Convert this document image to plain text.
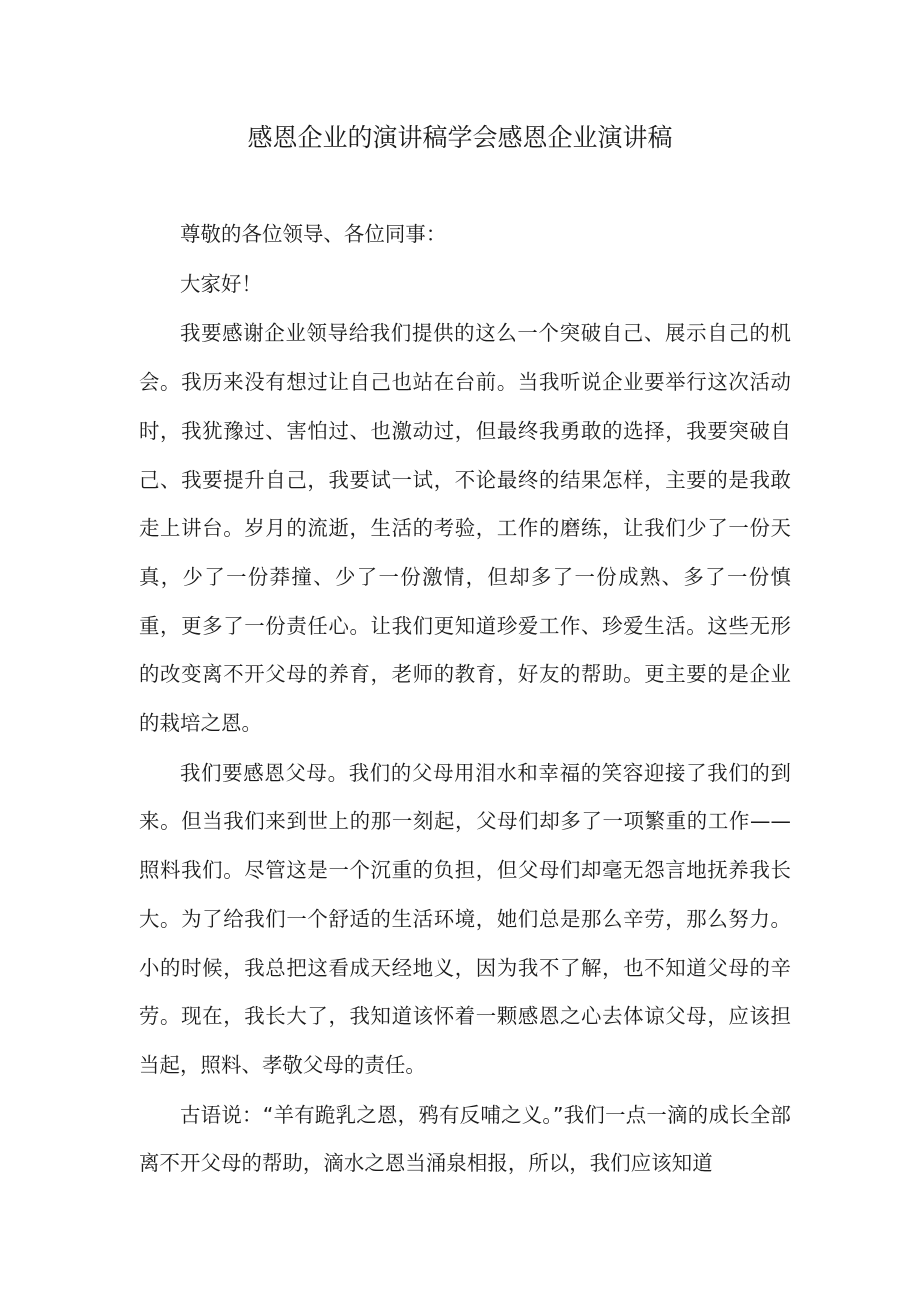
感恩企业的演讲稿学会感恩企业演讲稿

尊敬的各位领导、各位同事：

大家好！

我要感谢企业领导给我们提供的这么一个突破自己、展示自己的机会。我历来没有想过让自己也站在台前。当我听说企业要举行这次活动时，我犹豫过、害怕过、也激动过，但最终我勇敢的选择，我要突破自己、我要提升自己，我要试一试，不论最终的结果怎样，主要的是我敢走上讲台。岁月的流逝，生活的考验，工作的磨练，让我们少了一份天真，少了一份莽撞、少了一份激情，但却多了一份成熟、多了一份慎重，更多了一份责任心。让我们更知道珍爱工作、珍爱生活。这些无形的改变离不开父母的养育，老师的教育，好友的帮助。更主要的是企业的栽培之恩。

我们要感恩父母。我们的父母用泪水和幸福的笑容迎接了我们的到来。但当我们来到世上的那一刻起，父母们却多了一项繁重的工作——照料我们。尽管这是一个沉重的负担，但父母们却毫无怨言地抚养我长大。为了给我们一个舒适的生活环境，她们总是那么辛劳，那么努力。小的时候，我总把这看成天经地义，因为我不了解，也不知道父母的辛劳。现在，我长大了，我知道该怀着一颗感恩之心去体谅父母，应该担当起，照料、孝敬父母的责任。

古语说：“羊有跪乳之恩，鸦有反哺之义。”我们一点一滴的成长全部离不开父母的帮助，滴水之恩当涌泉相报，所以，我们应该知道
